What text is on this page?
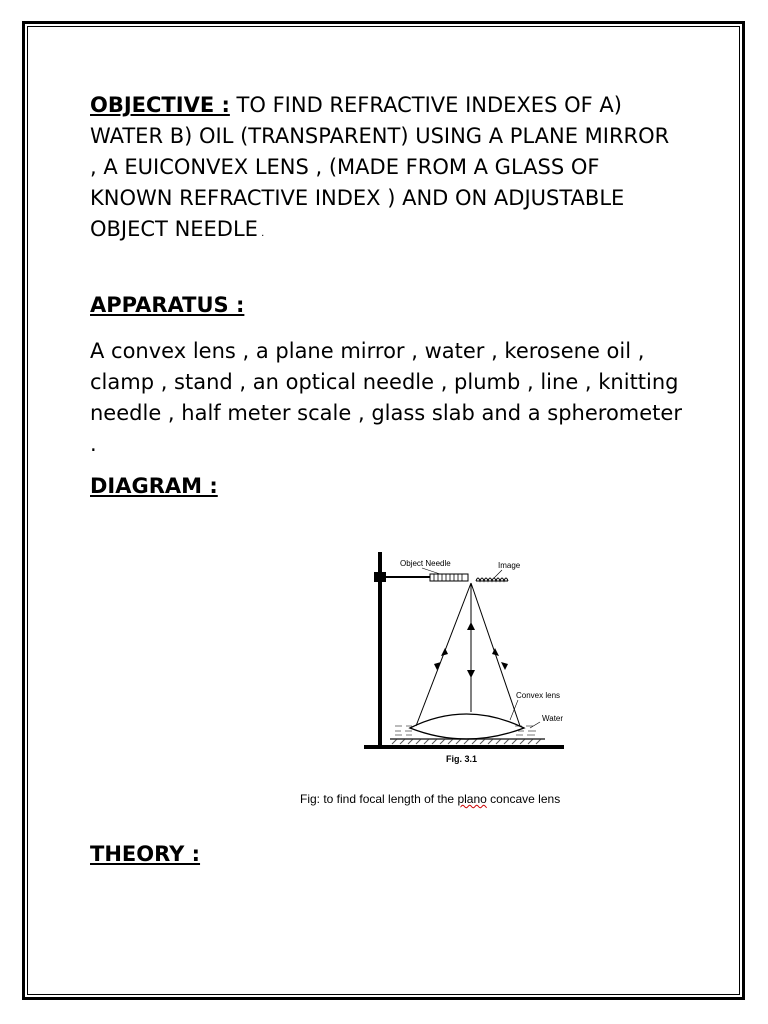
OBJECTIVE : TO FIND REFRACTIVE INDEXES OF A) WATER B) OIL (TRANSPARENT) USING A PLANE MIRROR , A EUICONVEX LENS , (MADE FROM A GLASS OF KNOWN REFRACTIVE INDEX ) AND ON ADJUSTABLE OBJECT NEEDLE .
APPARATUS :
A convex lens , a plane mirror , water , kerosene oil , clamp , stand , an optical needle , plumb , line , knitting needle , half meter scale , glass slab and a spherometer .
DIAGRAM :
Object Needle	Image
Convex lens
Water
Fig. 3.1
Fig: to find focal length of the plano concave lens
THEORY :
